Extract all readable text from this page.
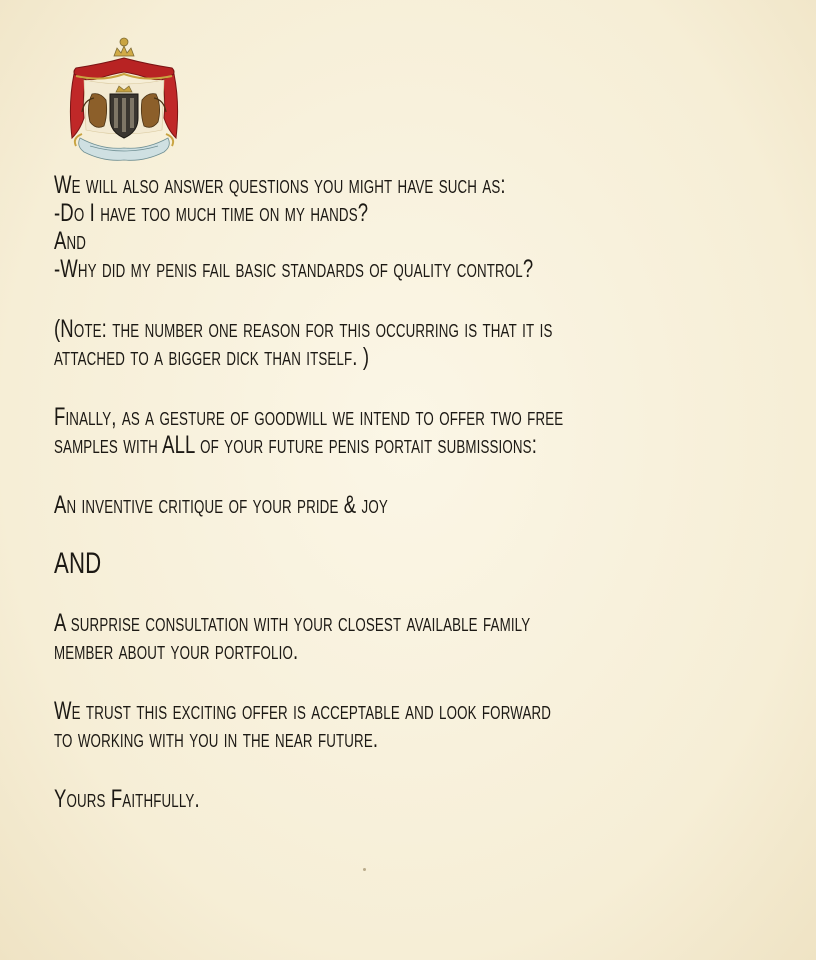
We will also answer questions you might have such as:

-Do I have too much time on my hands?

And

-Why did my penis fail basic standards of quality control?

(Note: the number one reason for this occurring is that it is

attached to a bigger dick than itself. )

Finally, as a gesture of goodwill we intend to offer two free

samples with ALL of your future penis portait submissions:

An inventive critique of your pride & joy

AND

A surprise consultation with your closest available family

member about your portfolio.

We trust this exciting offer is acceptable and look forward

to working with you in the near future.

Yours Faithfully.
